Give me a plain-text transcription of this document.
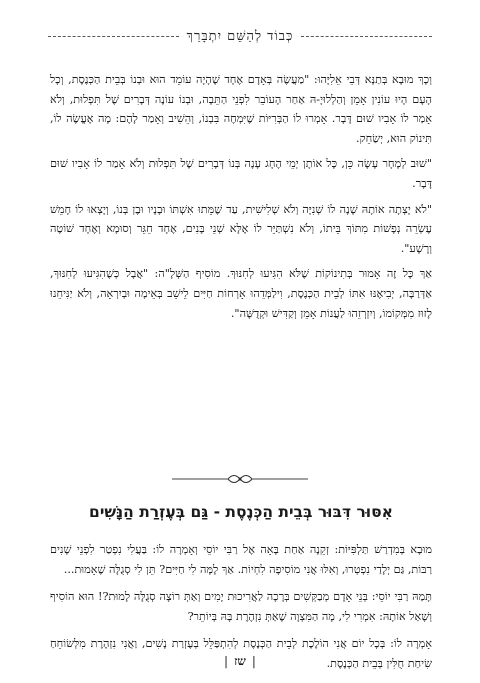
כְּבוֹד לְהַשֵּׁם יִתְבָּרַךְ

וְכָךְ מוּבָא בְּתַנָּא דְּבֵי אֵלִיָּהוּ: "מַעֲשֶׂה בְּאָדָם אֶחָד שֶׁהָיָה עוֹמֵד הוּא וּבְנוֹ בְּבֵית הַכְּנֶסֶת, וְכָל הָעָם הָיוּ עוֹנִין אָמֵן וְהַלְלוּיָ-הּ אַחַר הָעוֹבֵר לִפְנֵי הַתֵּבָה, וּבְנוֹ עוֹנֶה דְּבָרִים שֶׁל תִּפְלוּת, וְלֹא אָמַר לוֹ אָבִיו שׁוּם דָּבָר. אָמְרוּ לוֹ הַבְּרִיּוֹת שֶׁיִּמְחֶה בִּבְנוֹ, וְהֵשִׁיב וְאָמַר לָהֶם: מָה אֶעֱשֶׂה לוֹ, תִּינוֹק הוּא, יְשַׂחֵק.

"שׁוּב לְמָחָר עָשָׂה כֵּן, כָּל אוֹתָן יְמֵי הֶחָג עָנָה בְּנוֹ דְּבָרִים שֶׁל תִּפְלוּת וְלֹא אָמַר לוֹ אָבִיו שׁוּם דָּבָר.

"לֹא יָצְתָה אוֹתָהּ שָׁנָה לוֹ שְׁנִיָּה וְלֹא שְׁלִישִׁית, עַד שֶׁמֵּתוּ אִשְׁתּוֹ וּבָנָיו וּבֶן בְּנוֹ, וְיָצְאוּ לוֹ חָמֵשׁ עֶשְׂרֵה נְפָשׁוֹת מִתּוֹךְ בֵּיתוֹ, וְלֹא נִשְׁתַּיֵּר לוֹ אֶלָּא שְׁנֵי בָּנִים, אֶחָד חֵגֵּר וְסוּמָא וְאֶחָד שׁוֹטֶה וְרָשָׁע".

אַךְ כָּל זֶה אָמוּר בְּתִינוֹקוֹת שֶׁלֹּא הִגִּיעוּ לְחִנּוּךְ. מוֹסִיף הַשְּׁלָ"ה: "אֲבָל כְּשֶׁהִגִּיעוּ לְחִנּוּךְ, אַדְּרַבָּה, יְבִיאֶנּוּ אִתּוֹ לְבֵית הַכְּנֶסֶת, וִילַמְּדֵהוּ אָרְחוֹת חַיִּים לֵישֵׁב בְּאֵימָה וּבְיִרְאָה, וְלֹא יַנִּיחֵנוּ לָזוּז מִמְּקוֹמוֹ, וְיִזְרְזֵהוּ לַעֲנוֹת אָמֵן וְקַדִּישׁ וּקְדֻשָּׁה".

אִסּוּר דִּבּוּר בְּבֵית הַכְּנֶסֶת - גַּם בְּעֶזְרַת הַנָּשִׁים

מוּבָא בְּמִדְרַשׁ תַּלְפִּיּוֹת: זְקֵנָה אַחַת בָּאָה אֶל רַבִּי יוֹסֵי וְאָמְרָה לוֹ: בַּעֲלִי נִפְטַר לִפְנֵי שָׁנִים רַבּוֹת, גַּם יְלָדַי נִפְטְרוּ, וְאִלּוּ אֲנִי מוֹסִיפָה לִחְיוֹת. אַךְ לָמָּה לִי חַיִּים? תֵּן לִי סְגֻלָּה שֶׁאָמוּת...

תָּמַהּ רַבִּי יוֹסֵי: בְּנֵי אָדָם מְבַקְּשִׁים בְּרָכָה לַאֲרִיכוּת יָמִים וְאַתְּ רוֹצָה סְגֻלָּה לָמוּת?! הוּא הוֹסִיף וְשָׁאַל אוֹתָהּ: אִמְרִי לִי, מָה הַמִּצְוָה שֶׁאַתְּ נִזְהֶרֶת בָּהּ בְּיוֹתֵר?

אָמְרָה לוֹ: בְּכָל יוֹם אֲנִי הוֹלֶכֶת לְבֵית הַכְּנֶסֶת לְהִתְפַּלֵּל בְּעֶזְרַת נָשִׁים, וַאֲנִי נִזְהֶרֶת מִלְּשׂוֹחֵחַ שִׂיחַת חֻלִּין בְּבֵית הַכְּנֶסֶת.

|שז|
